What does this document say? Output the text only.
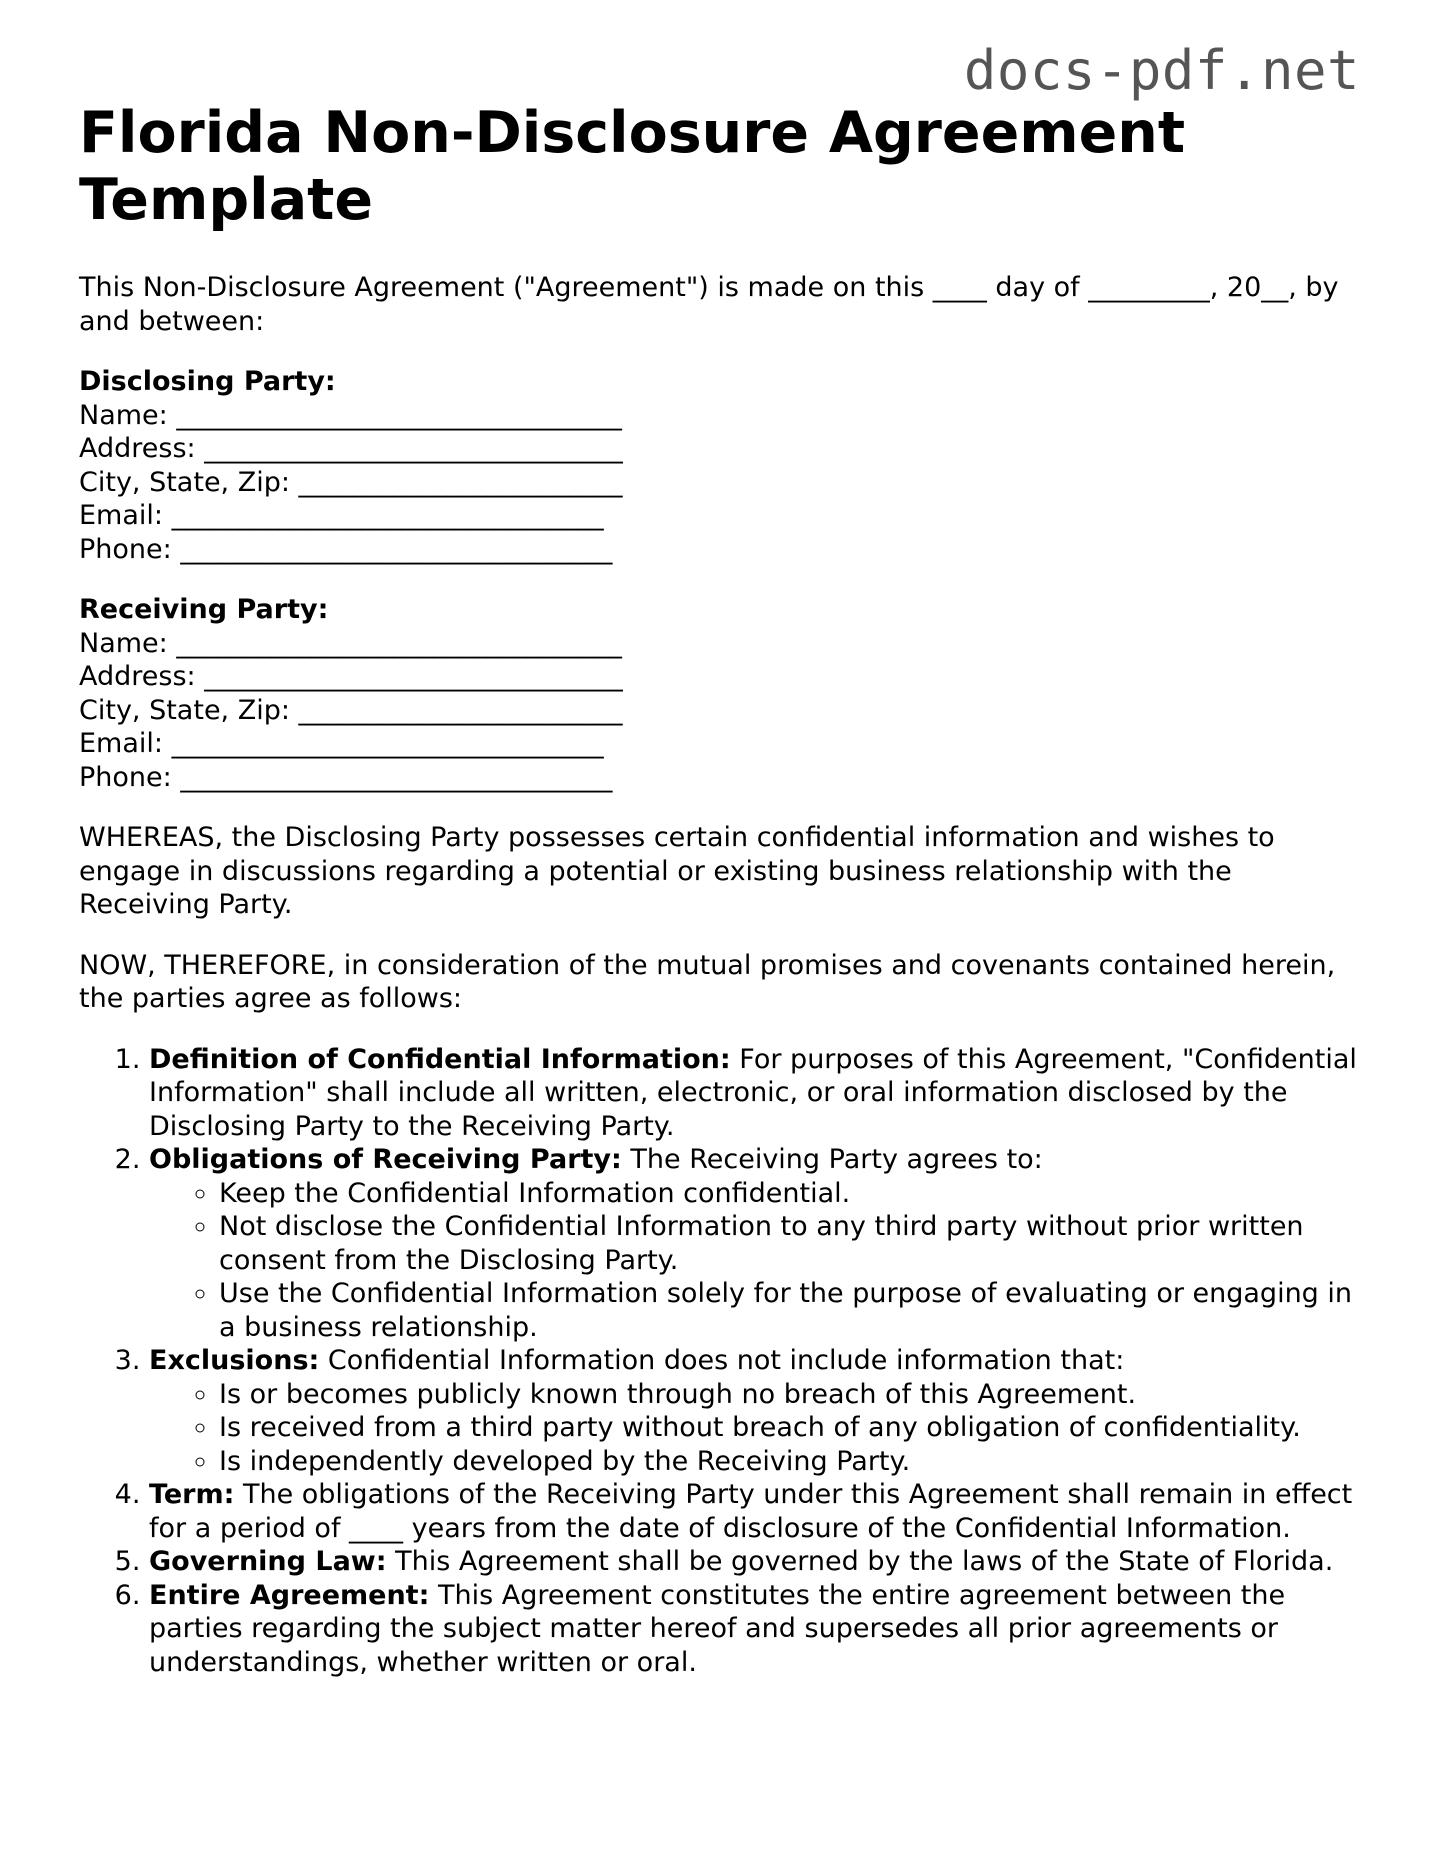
docs-pdf.net
Florida Non-Disclosure Agreement Template

This Non-Disclosure Agreement ("Agreement") is made on this ____ day of _________, 20__, by and between:

Disclosing Party:

Name: _________________________________

Address: _______________________________

City, State, Zip: ________________________

Email: ________________________________

Phone: ________________________________

Receiving Party:

Name: _________________________________

Address: _______________________________

City, State, Zip: ________________________

Email: ________________________________

Phone: ________________________________

WHEREAS, the Disclosing Party possesses certain confidential information and wishes to engage in discussions regarding a potential or existing business relationship with the Receiving Party.

NOW, THEREFORE, in consideration of the mutual promises and covenants contained herein, the parties agree as follows:

1. Definition of Confidential Information: For purposes of this Agreement, "Confidential Information" shall include all written, electronic, or oral information disclosed by the Disclosing Party to the Receiving Party.
2. Obligations of Receiving Party: The Receiving Party agrees to:
◦ Keep the Confidential Information confidential.
◦ Not disclose the Confidential Information to any third party without prior written consent from the Disclosing Party.
◦ Use the Confidential Information solely for the purpose of evaluating or engaging in a business relationship.
3. Exclusions: Confidential Information does not include information that:
◦ Is or becomes publicly known through no breach of this Agreement.
◦ Is received from a third party without breach of any obligation of confidentiality.
◦ Is independently developed by the Receiving Party.
4. Term: The obligations of the Receiving Party under this Agreement shall remain in effect for a period of ____ years from the date of disclosure of the Confidential Information.
5. Governing Law: This Agreement shall be governed by the laws of the State of Florida.
6. Entire Agreement: This Agreement constitutes the entire agreement between the parties regarding the subject matter hereof and supersedes all prior agreements or understandings, whether written or oral.
